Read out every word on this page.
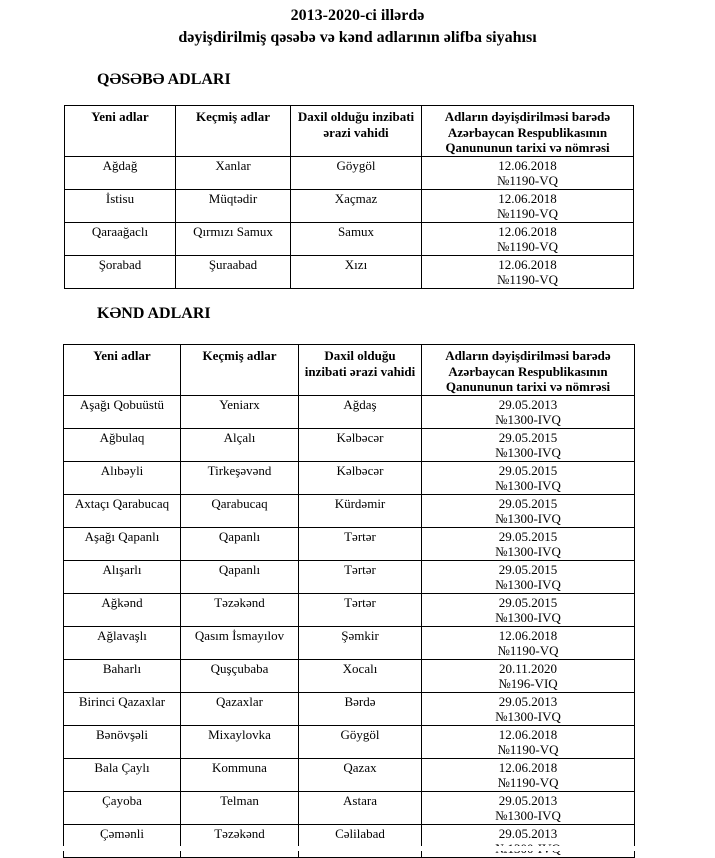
2013-2020-ci illərdə
dəyişdirilmiş qəsəbə və kənd adlarının əlifba siyahısı
QƏSƏBƏ ADLARI
Yeni adlar	Keçmiş adlar	Daxil olduğu inzibati ərazi vahidi	Adların dəyişdirilməsi barədə Azərbaycan Respublikasının Qanununun tarixi və nömrəsi
Ağdağ	Xanlar	Göygöl	12.06.2018
№1190-VQ

İstisu	Müqtədir	Xaçmaz	12.06.2018
№1190-VQ

Qaraağaclı	Qırmızı Samux	Samux	12.06.2018
№1190-VQ

Şorabad	Şuraabad	Xızı	12.06.2018
№1190-VQ
KƏND ADLARI
Yeni adlar	Keçmiş adlar	Daxil olduğu inzibati ərazi vahidi	Adların dəyişdirilməsi barədə Azərbaycan Respublikasının Qanununun tarixi və nömrəsi
Aşağı Qobuüstü	Yeniarx	Ağdaş	29.05.2013
№1300-IVQ

Ağbulaq	Alçalı	Kəlbəcər	29.05.2015
№1300-IVQ

Alıbəyli	Tirkeşəvənd	Kəlbəcər	29.05.2015
№1300-IVQ

Axtaçı Qarabucaq	Qarabucaq	Kürdəmir	29.05.2015
№1300-IVQ

Aşağı Qapanlı	Qapanlı	Tərtər	29.05.2015
№1300-IVQ

Alışarlı	Qapanlı	Tərtər	29.05.2015
№1300-IVQ

Ağkənd	Təzəkənd	Tərtər	29.05.2015
№1300-IVQ

Ağlavaşlı	Qasım İsmayılov	Şəmkir	12.06.2018
№1190-VQ

Baharlı	Quşçubaba	Xocalı	20.11.2020
№196-VIQ

Birinci Qazaxlar	Qazaxlar	Bərdə	29.05.2013
№1300-IVQ

Bənövşəli	Mixaylovka	Göygöl	12.06.2018
№1190-VQ

Bala Çaylı	Kommuna	Qazax	12.06.2018
№1190-VQ

Çayoba	Telman	Astara	29.05.2013
№1300-IVQ

Çəmənli	Təzəkənd	Cəlilabad	29.05.2013
